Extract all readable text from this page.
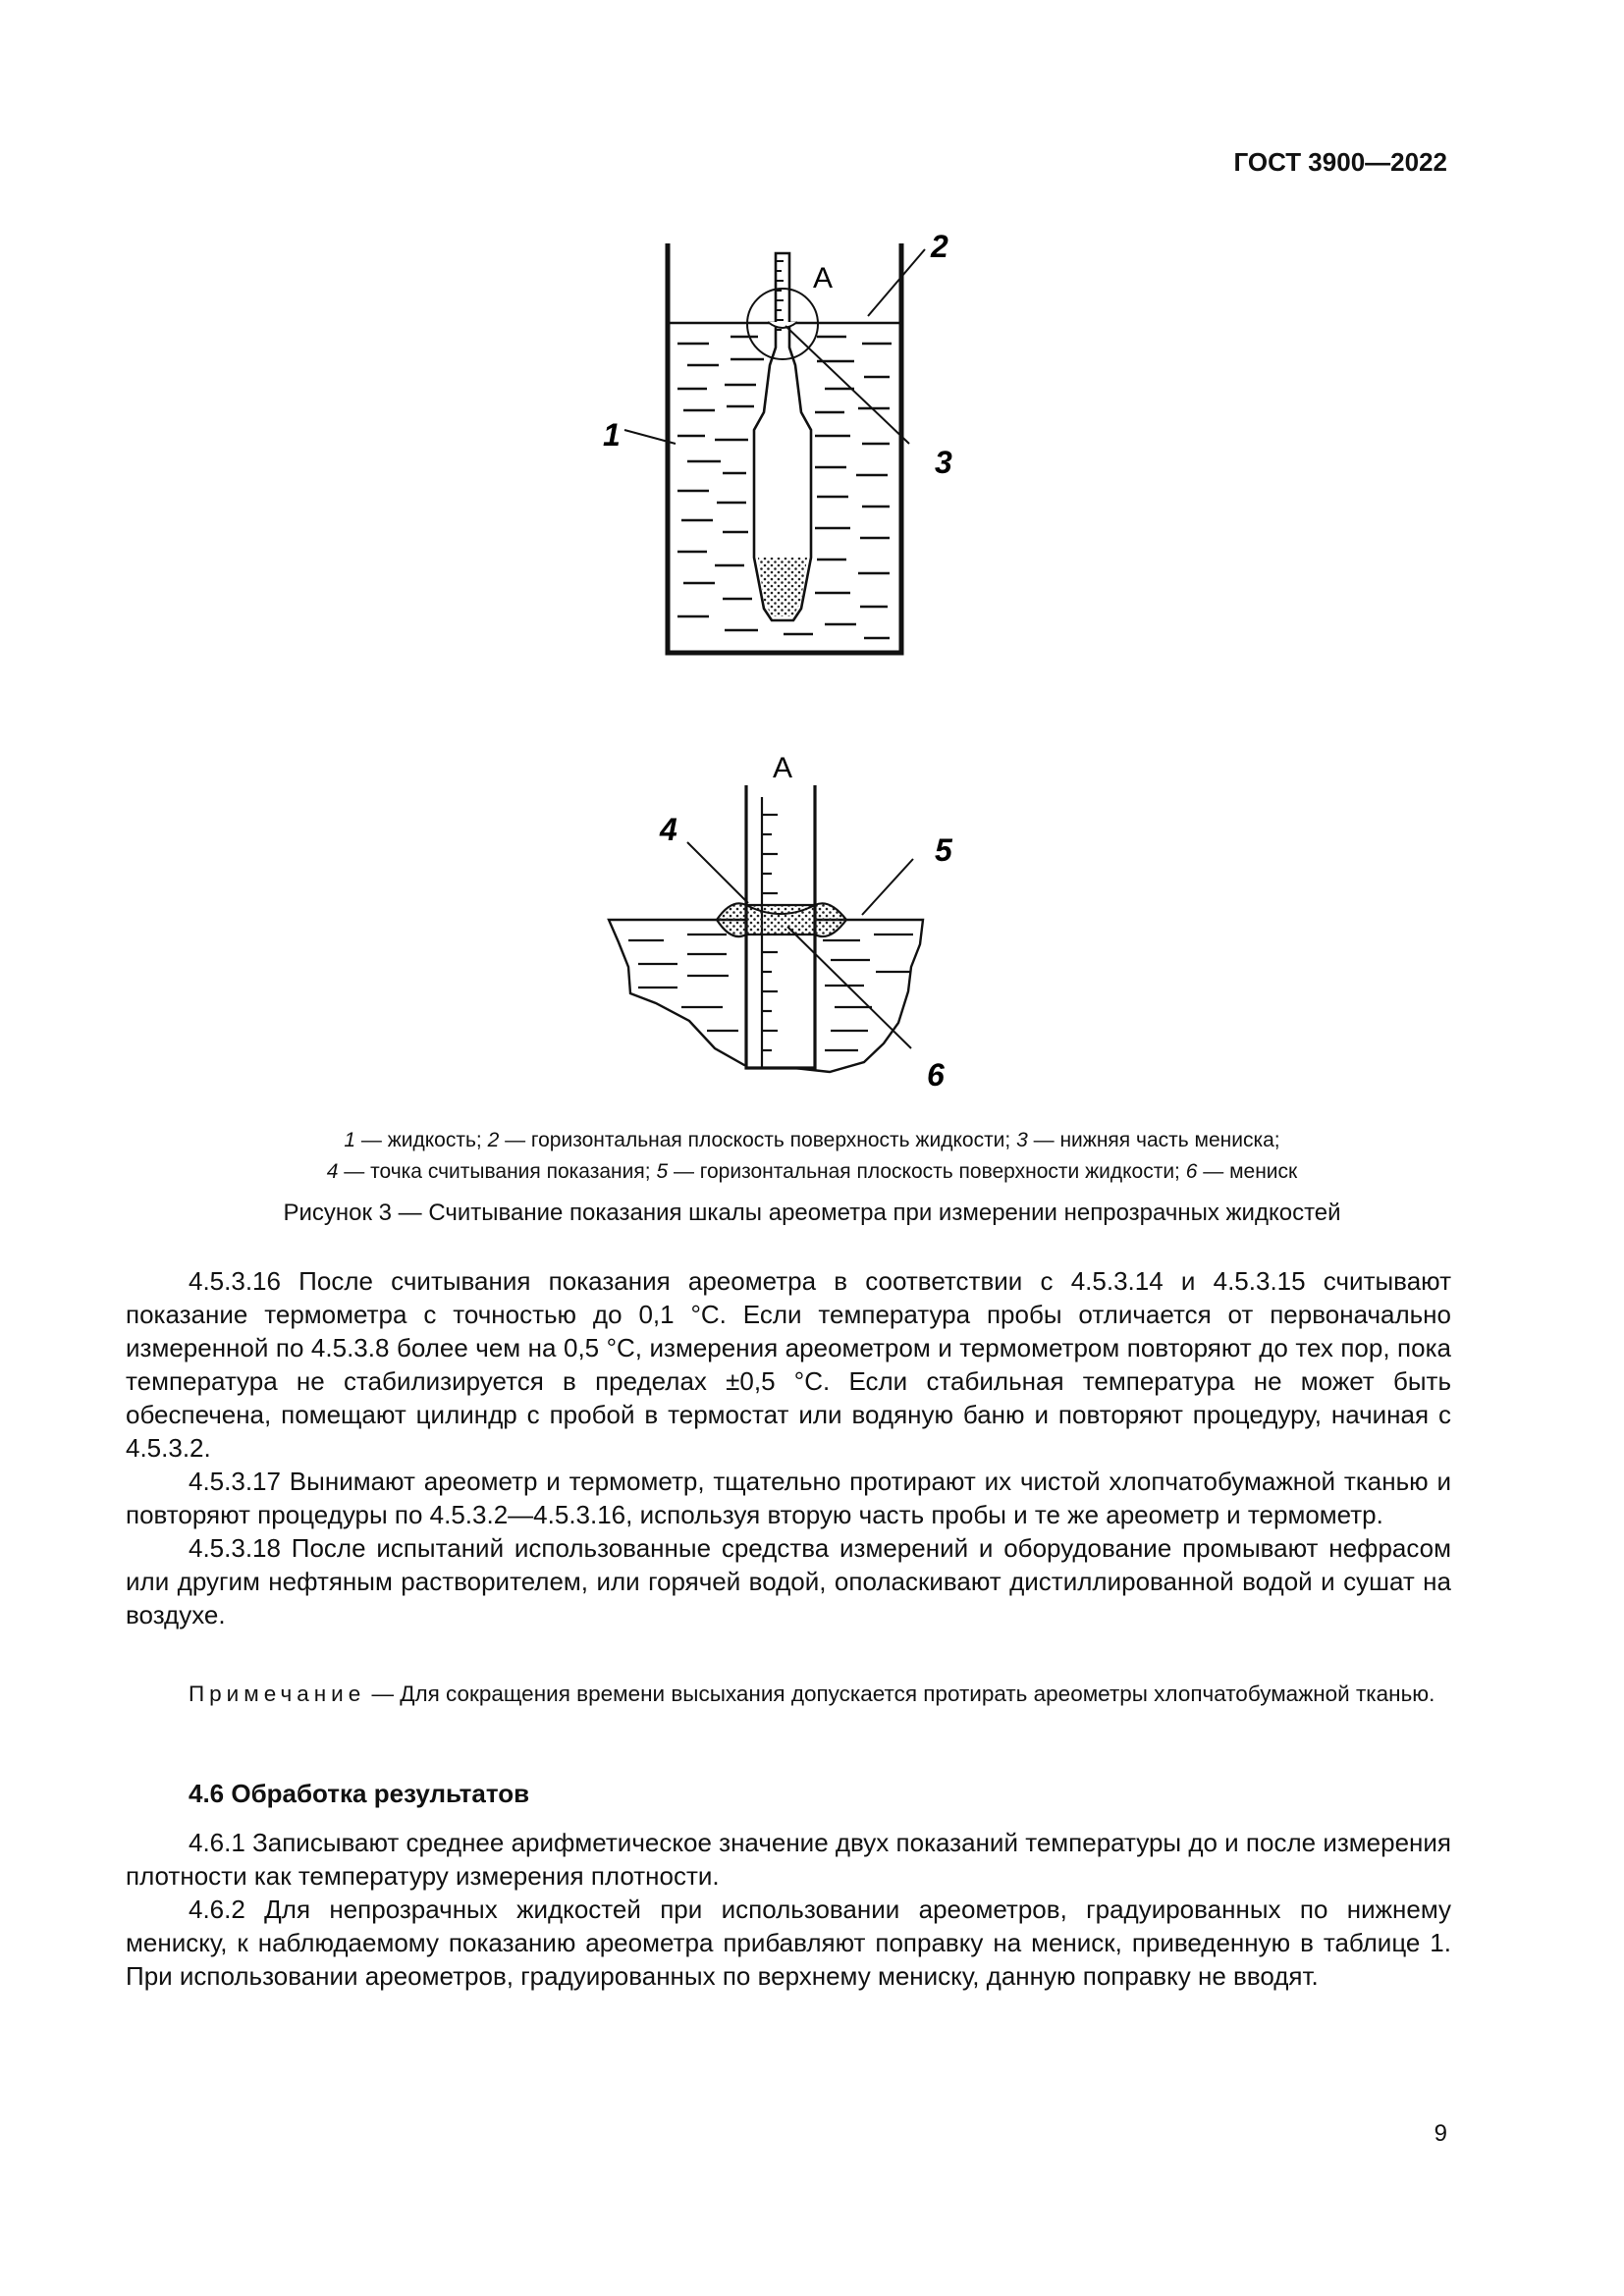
ГОСТ 3900—2022
А
1
2
3
А
4
5
6
1 — жидкость; 2 — горизонтальная плоскость поверхность жидкости; 3 — нижняя часть мениска;
4 — точка считывания показания; 5 — горизонтальная плоскость поверхности жидкости; 6 — мениск
Рисунок 3 — Считывание показания шкалы ареометра при измерении непрозрачных жидкостей

4.5.3.16 После считывания показания ареометра в соответствии с 4.5.3.14 и 4.5.3.15 считывают показание термометра с точностью до 0,1 °С. Если температура пробы отличается от первоначально измеренной по 4.5.3.8 более чем на 0,5 °С, измерения ареометром и термометром повторяют до тех пор, пока температура не стабилизируется в пределах ±0,5 °С. Если стабильная температура не может быть обеспечена, помещают цилиндр с пробой в термостат или водяную баню и повторяют процедуру, начиная с 4.5.3.2.

4.5.3.17 Вынимают ареометр и термометр, тщательно протирают их чистой хлопчатобумажной тканью и повторяют процедуры по 4.5.3.2—4.5.3.16, используя вторую часть пробы и те же ареометр и термометр.

4.5.3.18 После испытаний использованные средства измерений и оборудование промывают нефрасом или другим нефтяным растворителем, или горячей водой, ополаскивают дистиллированной водой и сушат на воздухе.

Примечание — Для сокращения времени высыхания допускается протирать ареометры хлопчатобумажной тканью.
4.6 Обработка результатов

4.6.1 Записывают среднее арифметическое значение двух показаний температуры до и после измерения плотности как температуру измерения плотности.

4.6.2 Для непрозрачных жидкостей при использовании ареометров, градуированных по нижнему мениску, к наблюдаемому показанию ареометра прибавляют поправку на мениск, приведенную в таблице 1. При использовании ареометров, градуированных по верхнему мениску, данную поправку не вводят.

9
